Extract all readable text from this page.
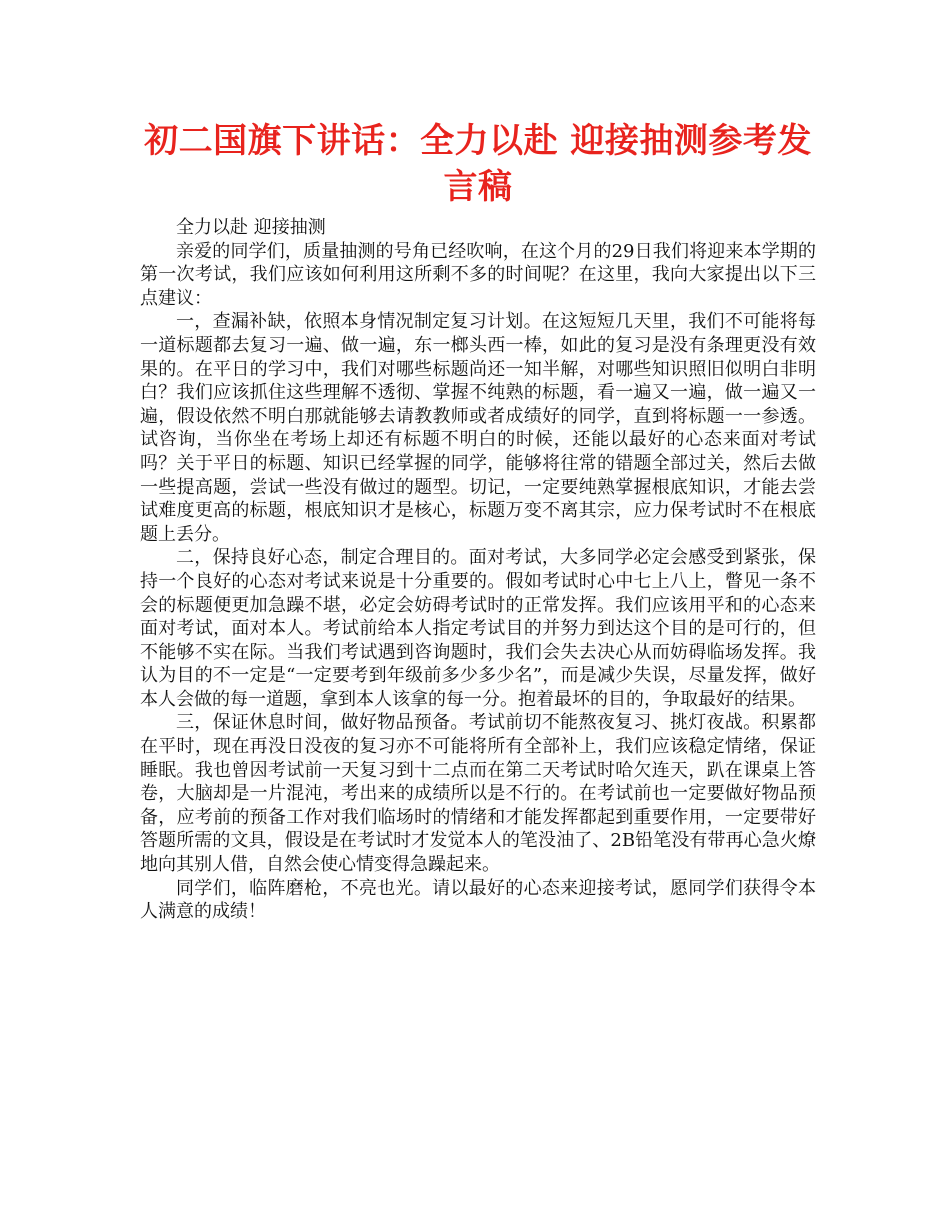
初二国旗下讲话：全力以赴 迎接抽测参考发言稿

全力以赴 迎接抽测

亲爱的同学们，质量抽测的号角已经吹响，在这个月的29日我们将迎来本学期的第一次考试，我们应该如何利用这所剩不多的时间呢？在这里，我向大家提出以下三点建议：

一，查漏补缺，依照本身情况制定复习计划。在这短短几天里，我们不可能将每一道标题都去复习一遍、做一遍，东一榔头西一棒，如此的复习是没有条理更没有效果的。在平日的学习中，我们对哪些标题尚还一知半解，对哪些知识照旧似明白非明白？我们应该抓住这些理解不透彻、掌握不纯熟的标题，看一遍又一遍，做一遍又一遍，假设依然不明白那就能够去请教教师或者成绩好的同学，直到将标题一一参透。试咨询，当你坐在考场上却还有标题不明白的时候，还能以最好的心态来面对考试吗？关于平日的标题、知识已经掌握的同学，能够将往常的错题全部过关，然后去做一些提高题，尝试一些没有做过的题型。切记，一定要纯熟掌握根底知识，才能去尝试难度更高的标题，根底知识才是核心，标题万变不离其宗，应力保考试时不在根底题上丢分。

二，保持良好心态，制定合理目的。面对考试，大多同学必定会感受到紧张，保持一个良好的心态对考试来说是十分重要的。假如考试时心中七上八上，瞥见一条不会的标题便更加急躁不堪，必定会妨碍考试时的正常发挥。我们应该用平和的心态来面对考试，面对本人。考试前给本人指定考试目的并努力到达这个目的是可行的，但不能够不实在际。当我们考试遇到咨询题时，我们会失去决心从而妨碍临场发挥。我认为目的不一定是“一定要考到年级前多少多少名”，而是减少失误，尽量发挥，做好本人会做的每一道题，拿到本人该拿的每一分。抱着最坏的目的，争取最好的结果。

三，保证休息时间，做好物品预备。考试前切不能熬夜复习、挑灯夜战。积累都在平时，现在再没日没夜的复习亦不可能将所有全部补上，我们应该稳定情绪，保证睡眠。我也曾因考试前一天复习到十二点而在第二天考试时哈欠连天，趴在课桌上答卷，大脑却是一片混沌，考出来的成绩所以是不行的。在考试前也一定要做好物品预备，应考前的预备工作对我们临场时的情绪和才能发挥都起到重要作用，一定要带好答题所需的文具，假设是在考试时才发觉本人的笔没油了、2B铅笔没有带再心急火燎地向其别人借，自然会使心情变得急躁起来。

同学们，临阵磨枪，不亮也光。请以最好的心态来迎接考试，愿同学们获得令本人满意的成绩！
